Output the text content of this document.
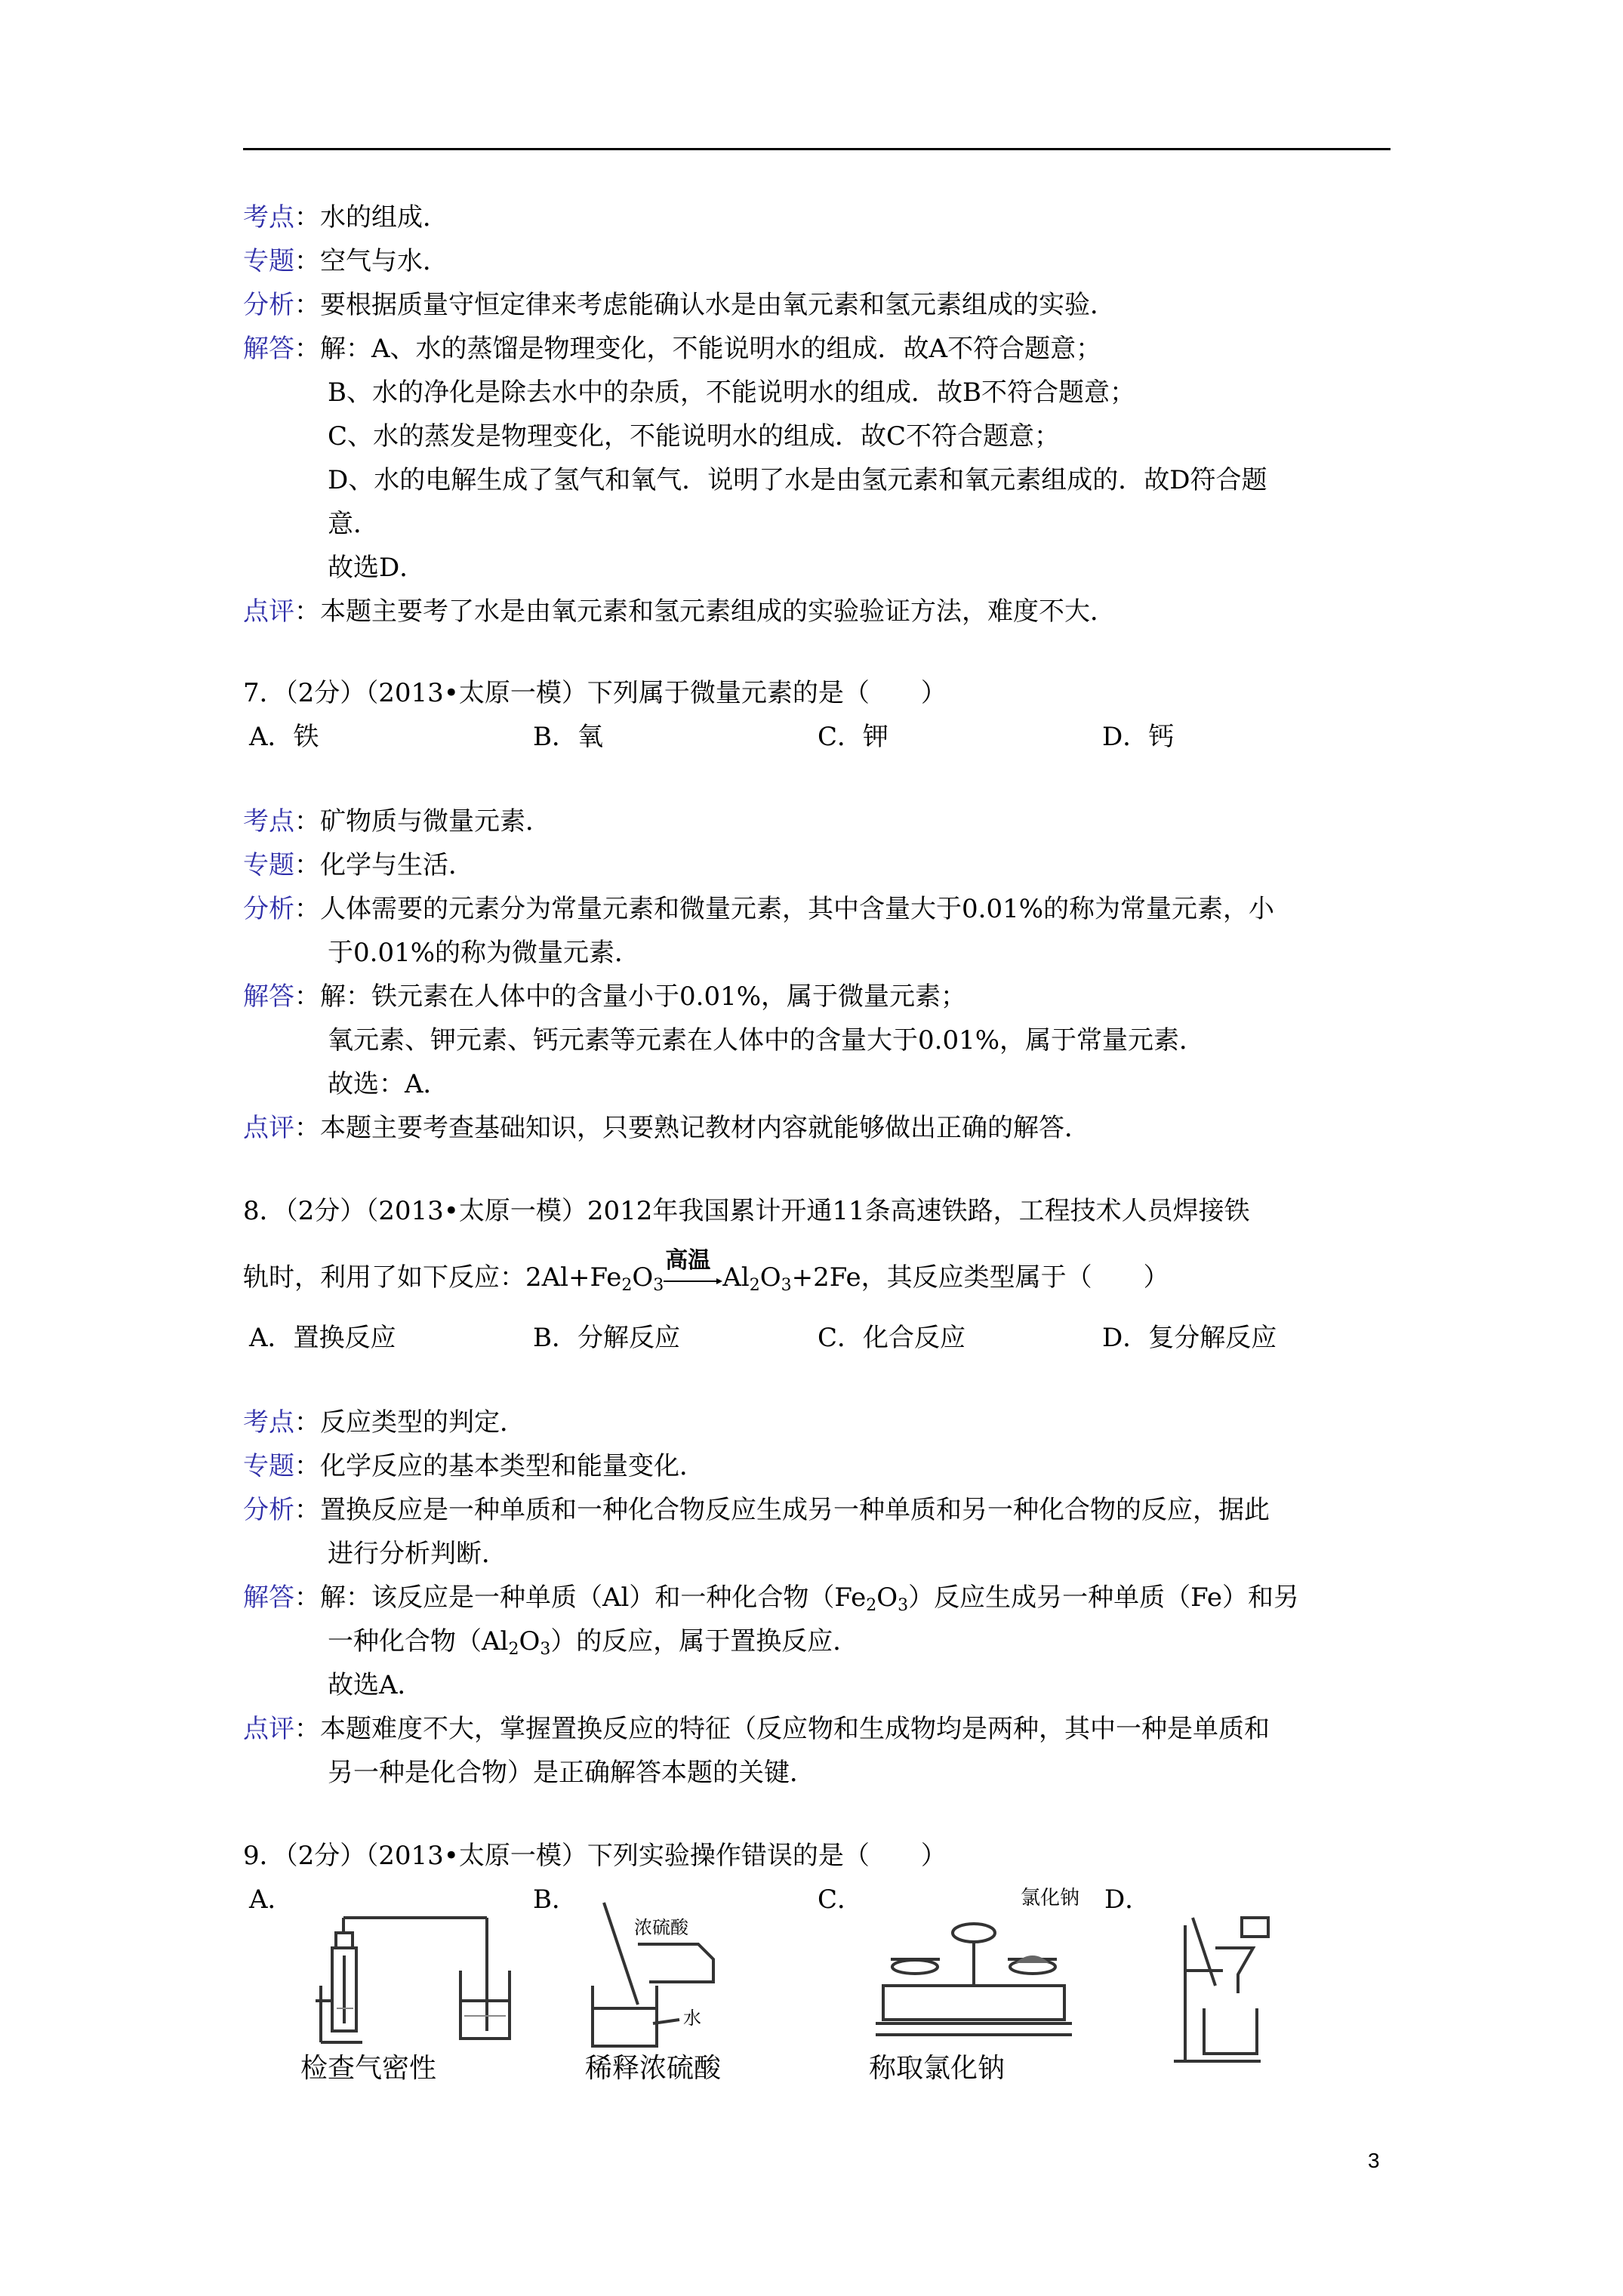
考点：水的组成．
专题：空气与水．
分析：要根据质量守恒定律来考虑能确认水是由氧元素和氢元素组成的实验．
解答：解：A、水的蒸馏是物理变化，不能说明水的组成．故A不符合题意；
B、水的净化是除去水中的杂质，不能说明水的组成．故B不符合题意；
C、水的蒸发是物理变化，不能说明水的组成．故C不符合题意；
D、水的电解生成了氢气和氧气．说明了水是由氢元素和氧元素组成的．故D符合题
意．
故选D．
点评：本题主要考了水是由氧元素和氢元素组成的实验验证方法，难度不大．
7．（2分）（2013•太原一模）下列属于微量元素的是（　　）
A．铁	B．氧	C．钾	D．钙
考点：矿物质与微量元素．
专题：化学与生活．
分析：人体需要的元素分为常量元素和微量元素，其中含量大于0.01%的称为常量元素，小
于0.01%的称为微量元素．
解答：解：铁元素在人体中的含量小于0.01%，属于微量元素；
氧元素、钾元素、钙元素等元素在人体中的含量大于0.01%，属于常量元素．
故选：A．
点评：本题主要考查基础知识，只要熟记教材内容就能够做出正确的解答．
8．（2分）（2013•太原一模）2012年我国累计开通11条高速铁路，工程技术人员焊接铁
轨时，利用了如下反应：$2Al+Fe_2O_3$
高温
$Al_2O_3+2Fe$，其反应类型属于（　　）
A．置换反应	B．分解反应	C．化合反应	D．复分解反应
考点：反应类型的判定．
专题：化学反应的基本类型和能量变化．
分析：置换反应是一种单质和一种化合物反应生成另一种单质和另一种化合物的反应，据此
进行分析判断．
解答：解：该反应是一种单质（Al）和一种化合物$(Fe_2O_3)$反应生成另一种单质（Fe）和另
一种化合物$(Al_2O_3)$的反应，属于置换反应．
故选A．
点评：本题难度不大，掌握置换反应的特征（反应物和生成物均是两种，其中一种是单质和
另一种是化合物）是正确解答本题的关键．
9．（2分）（2013•太原一模）下列实验操作错误的是（　　）
A．	B．	C．	D．
浓硫酸
水
氯化钠
检查气密性	稀释浓硫酸	称取氯化钠
3
